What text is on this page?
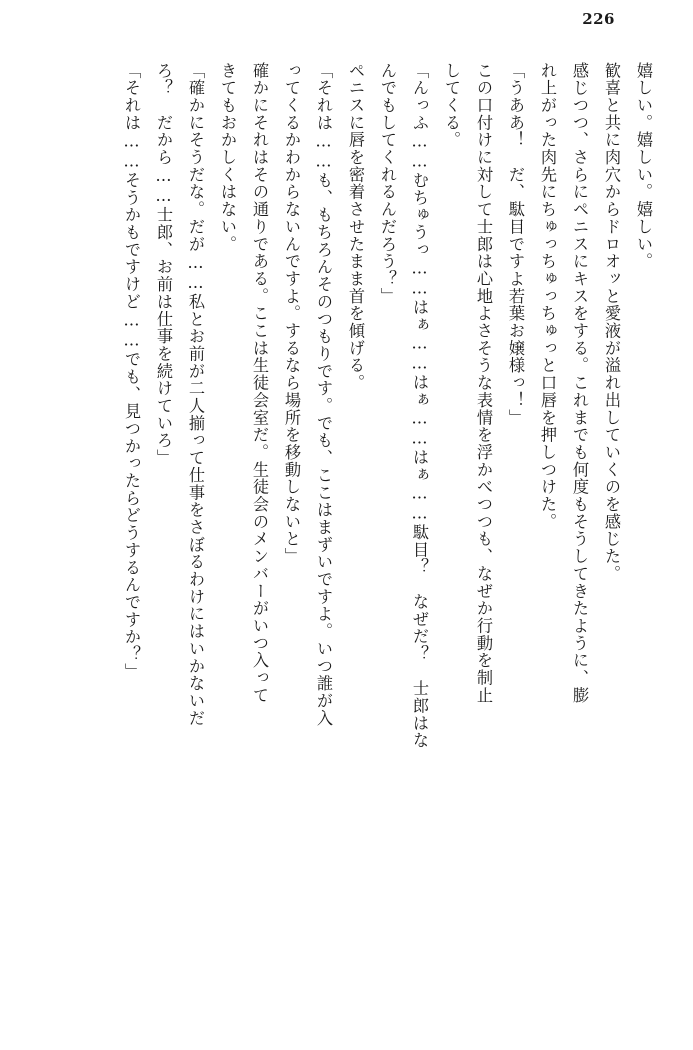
226
嬉しい。嬉しい。嬉しい。
歓喜と共に肉穴からドロオッと愛液が溢れ出していくのを感じた。
感じつつ、さらにペニスにキスをする。これまでも何度もそうしてきたように、膨
れ上がった肉先にちゅっちゅっちゅっと口唇を押しつけた。
「うああ！　だ、駄目ですよ若葉お嬢様っ！」
この口付けに対して士郎は心地よさそうな表情を浮かべつつも、なぜか行動を制止
してくる。
「んっふ……むちゅうっ……はぁ……はぁ……はぁ……駄目？　なぜだ？　士郎はな
んでもしてくれるんだろう？」
ペニスに唇を密着させたまま首を傾げる。
「それは……も、もちろんそのつもりです。でも、ここはまずいですよ。いつ誰が入
ってくるかわからないんですよ。するなら場所を移動しないと」
確かにそれはその通りである。ここは生徒会室だ。生徒会のメンバーがいつ入って
きてもおかしくはない。
「確かにそうだな。だが……私とお前が二人揃って仕事をさぼるわけにはいかないだ
ろ？　だから……士郎、お前は仕事を続けていろ」
「それは……そうかもですけど……でも、見つかったらどうするんですか？」
